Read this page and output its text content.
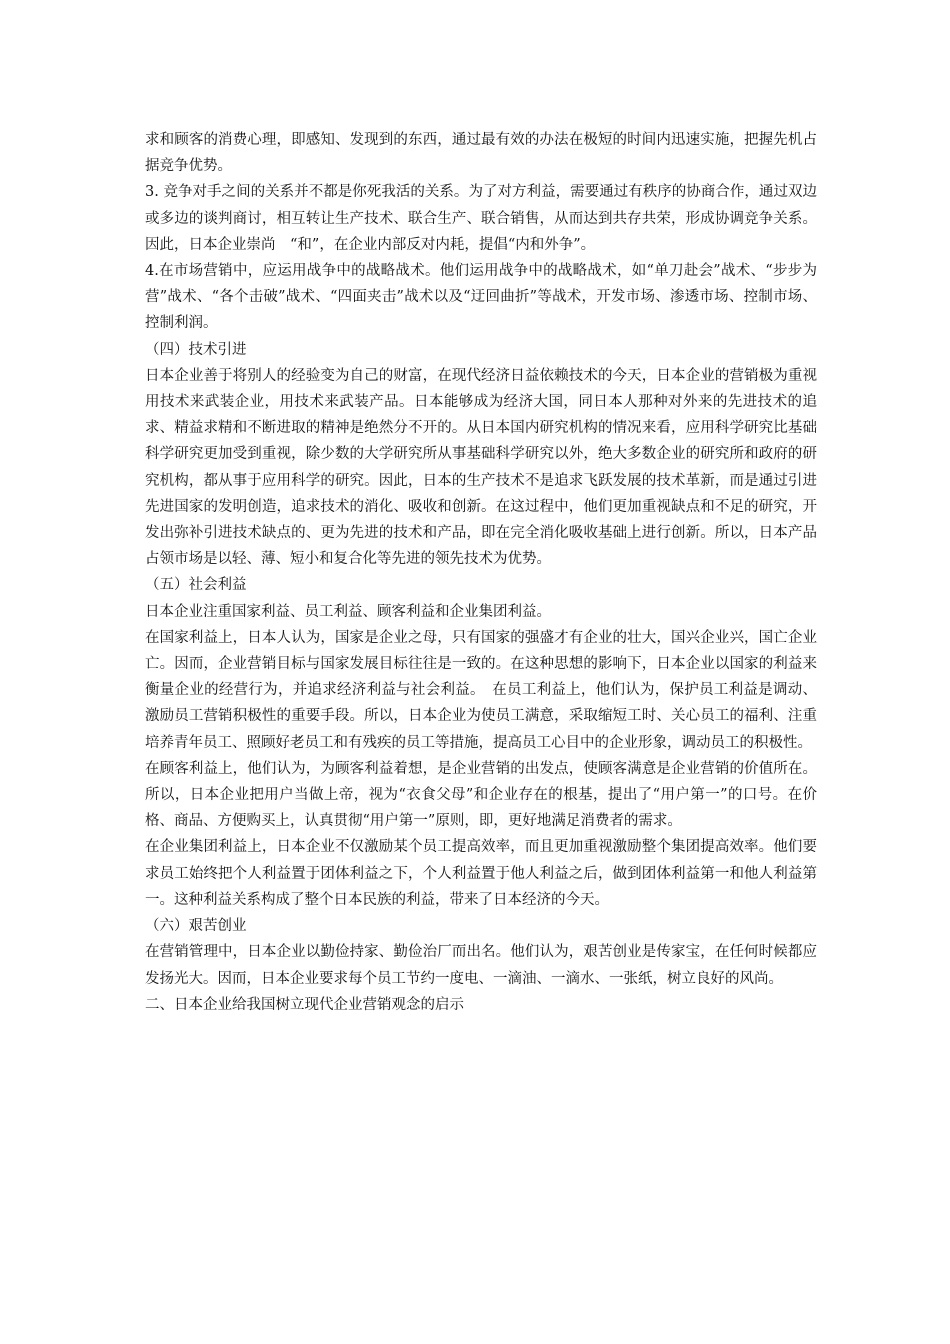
求和顾客的消费心理，即感知、发现到的东西，通过最有效的办法在极短的时间内迅速实施，把握先机占据竞争优势。

3. 竞争对手之间的关系并不都是你死我活的关系。为了对方利益，需要通过有秩序的协商合作，通过双边或多边的谈判商讨，相互转让生产技术、联合生产、联合销售，从而达到共存共荣，形成协调竞争关系。因此，日本企业崇尚　“和”，在企业内部反对内耗，提倡“内和外争”。

4.在市场营销中，应运用战争中的战略战术。他们运用战争中的战略战术，如“单刀赴会”战术、“步步为营”战术、“各个击破”战术、“四面夹击”战术以及“迂回曲折”等战术，开发市场、渗透市场、控制市场、控制利润。

（四）技术引进

日本企业善于将别人的经验变为自己的财富，在现代经济日益依赖技术的今天，日本企业的营销极为重视用技术来武装企业，用技术来武装产品。日本能够成为经济大国，同日本人那种对外来的先进技术的追求、精益求精和不断进取的精神是绝然分不开的。从日本国内研究机构的情况来看，应用科学研究比基础科学研究更加受到重视，除少数的大学研究所从事基础科学研究以外，绝大多数企业的研究所和政府的研究机构，都从事于应用科学的研究。因此，日本的生产技术不是追求飞跃发展的技术革新，而是通过引进先进国家的发明创造，追求技术的消化、吸收和创新。在这过程中，他们更加重视缺点和不足的研究，开发出弥补引进技术缺点的、更为先进的技术和产品，即在完全消化吸收基础上进行创新。所以，日本产品占领市场是以轻、薄、短小和复合化等先进的领先技术为优势。

（五）社会利益

日本企业注重国家利益、员工利益、顾客利益和企业集团利益。

在国家利益上，日本人认为，国家是企业之母，只有国家的强盛才有企业的壮大，国兴企业兴，国亡企业亡。因而，企业营销目标与国家发展目标往往是一致的。在这种思想的影响下，日本企业以国家的利益来衡量企业的经营行为，并追求经济利益与社会利益。　在员工利益上，他们认为，保护员工利益是调动、激励员工营销积极性的重要手段。所以，日本企业为使员工满意，采取缩短工时、关心员工的福利、注重培养青年员工、照顾好老员工和有残疾的员工等措施，提高员工心目中的企业形象，调动员工的积极性。

在顾客利益上，他们认为，为顾客利益着想，是企业营销的出发点，使顾客满意是企业营销的价值所在。所以，日本企业把用户当做上帝，视为“衣食父母”和企业存在的根基，提出了“用户第一”的口号。在价格、商品、方便购买上，认真贯彻“用户第一”原则，即，更好地满足消费者的需求。

在企业集团利益上，日本企业不仅激励某个员工提高效率，而且更加重视激励整个集团提高效率。他们要求员工始终把个人利益置于团体利益之下，个人利益置于他人利益之后，做到团体利益第一和他人利益第一。这种利益关系构成了整个日本民族的利益，带来了日本经济的今天。

（六）艰苦创业

在营销管理中，日本企业以勤俭持家、勤俭治厂而出名。他们认为，艰苦创业是传家宝，在任何时候都应发扬光大。因而，日本企业要求每个员工节约一度电、一滴油、一滴水、一张纸，树立良好的风尚。

二、日本企业给我国树立现代企业营销观念的启示
